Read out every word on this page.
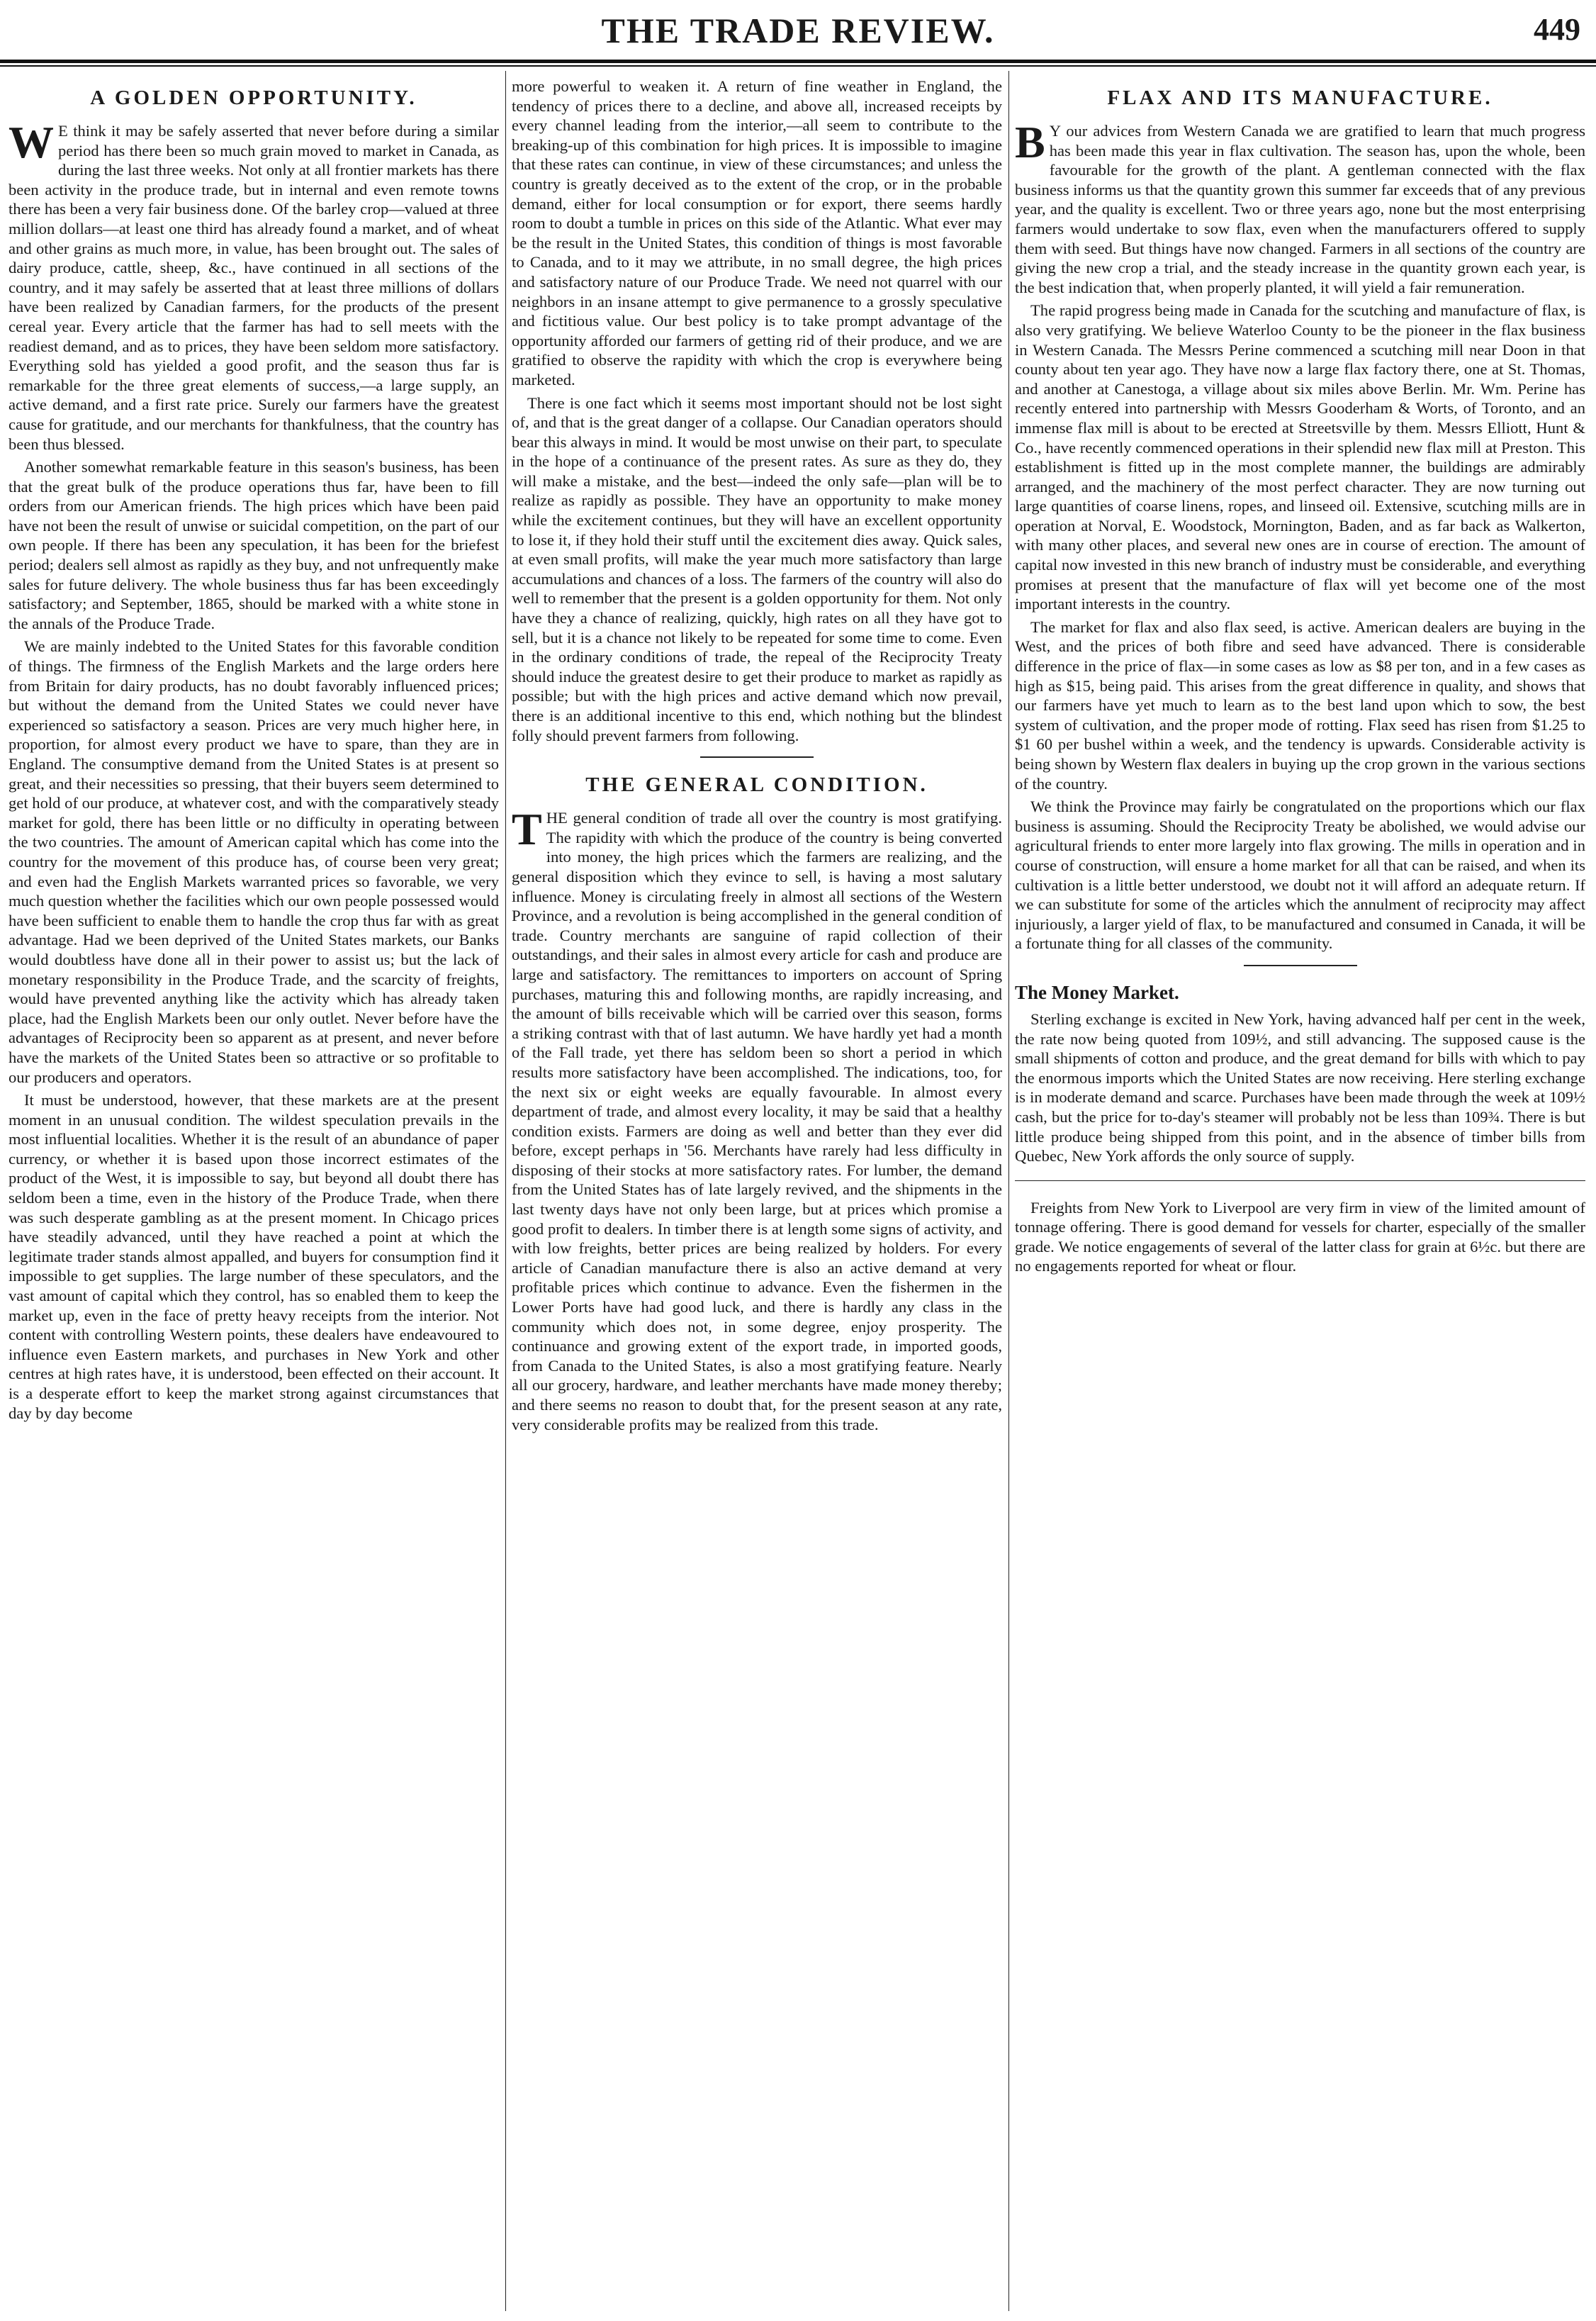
THE TRADE REVIEW.	449
A GOLDEN OPPORTUNITY.

WE think it may be safely asserted that never before during a similar period has there been so much grain moved to market in Canada, as during the last three weeks. Not only at all frontier markets has there been activity in the produce trade, but in internal and even remote towns there has been a very fair business done. Of the barley crop—valued at three million dollars—at least one third has already found a market, and of wheat and other grains as much more, in value, has been brought out. The sales of dairy produce, cattle, sheep, &c., have continued in all sections of the country, and it may safely be asserted that at least three millions of dollars have been realized by Canadian farmers, for the products of the present cereal year. Every article that the farmer has had to sell meets with the readiest demand, and as to prices, they have been seldom more satisfactory. Everything sold has yielded a good profit, and the season thus far is remarkable for the three great elements of success,—a large supply, an active demand, and a first rate price. Surely our farmers have the greatest cause for gratitude, and our merchants for thankfulness, that the country has been thus blessed.

Another somewhat remarkable feature in this season's business, has been that the great bulk of the produce operations thus far, have been to fill orders from our American friends. The high prices which have been paid have not been the result of unwise or suicidal competition, on the part of our own people. If there has been any speculation, it has been for the briefest period; dealers sell almost as rapidly as they buy, and not unfrequently make sales for future delivery. The whole business thus far has been exceedingly satisfactory; and September, 1865, should be marked with a white stone in the annals of the Produce Trade.

We are mainly indebted to the United States for this favorable condition of things. The firmness of the English Markets and the large orders here from Britain for dairy products, has no doubt favorably influenced prices; but without the demand from the United States we could never have experienced so satisfactory a season. Prices are very much higher here, in proportion, for almost every product we have to spare, than they are in England. The consumptive demand from the United States is at present so great, and their necessities so pressing, that their buyers seem determined to get hold of our produce, at whatever cost, and with the comparatively steady market for gold, there has been little or no difficulty in operating between the two countries. The amount of American capital which has come into the country for the movement of this produce has, of course been very great; and even had the English Markets warranted prices so favorable, we very much question whether the facilities which our own people possessed would have been sufficient to enable them to handle the crop thus far with as great advantage. Had we been deprived of the United States markets, our Banks would doubtless have done all in their power to assist us; but the lack of monetary responsibility in the Produce Trade, and the scarcity of freights, would have prevented anything like the activity which has already taken place, had the English Markets been our only outlet. Never before have the advantages of Reciprocity been so apparent as at present, and never before have the markets of the United States been so attractive or so profitable to our producers and operators.

It must be understood, however, that these markets are at the present moment in an unusual condition. The wildest speculation prevails in the most influential localities. Whether it is the result of an abundance of paper currency, or whether it is based upon those incorrect estimates of the product of the West, it is impossible to say, but beyond all doubt there has seldom been a time, even in the history of the Produce Trade, when there was such desperate gambling as at the present moment. In Chicago prices have steadily advanced, until they have reached a point at which the legitimate trader stands almost appalled, and buyers for consumption find it impossible to get supplies. The large number of these speculators, and the vast amount of capital which they control, has so enabled them to keep the market up, even in the face of pretty heavy receipts from the interior. Not content with controlling Western points, these dealers have endeavoured to influence even Eastern markets, and purchases in New York and other centres at high rates have, it is understood, been effected on their account. It is a desperate effort to keep the market strong against circumstances that day by day become

more powerful to weaken it. A return of fine weather in England, the tendency of prices there to a decline, and above all, increased receipts by every channel leading from the interior,—all seem to contribute to the breaking-up of this combination for high prices. It is impossible to imagine that these rates can continue, in view of these circumstances; and unless the country is greatly deceived as to the extent of the crop, or in the probable demand, either for local consumption or for export, there seems hardly room to doubt a tumble in prices on this side of the Atlantic. What ever may be the result in the United States, this condition of things is most favorable to Canada, and to it may we attribute, in no small degree, the high prices and satisfactory nature of our Produce Trade. We need not quarrel with our neighbors in an insane attempt to give permanence to a grossly speculative and fictitious value. Our best policy is to take prompt advantage of the opportunity afforded our farmers of getting rid of their produce, and we are gratified to observe the rapidity with which the crop is everywhere being marketed.

There is one fact which it seems most important should not be lost sight of, and that is the great danger of a collapse. Our Canadian operators should bear this always in mind. It would be most unwise on their part, to speculate in the hope of a continuance of the present rates. As sure as they do, they will make a mistake, and the best—indeed the only safe—plan will be to realize as rapidly as possible. They have an opportunity to make money while the excitement continues, but they will have an excellent opportunity to lose it, if they hold their stuff until the excitement dies away. Quick sales, at even small profits, will make the year much more satisfactory than large accumulations and chances of a loss. The farmers of the country will also do well to remember that the present is a golden opportunity for them. Not only have they a chance of realizing, quickly, high rates on all they have got to sell, but it is a chance not likely to be repeated for some time to come. Even in the ordinary conditions of trade, the repeal of the Reciprocity Treaty should induce the greatest desire to get their produce to market as rapidly as possible; but with the high prices and active demand which now prevail, there is an additional incentive to this end, which nothing but the blindest folly should prevent farmers from following.

THE GENERAL CONDITION.

THE general condition of trade all over the country is most gratifying. The rapidity with which the produce of the country is being converted into money, the high prices which the farmers are realizing, and the general disposition which they evince to sell, is having a most salutary influence. Money is circulating freely in almost all sections of the Western Province, and a revolution is being accomplished in the general condition of trade. Country merchants are sanguine of rapid collection of their outstandings, and their sales in almost every article for cash and produce are large and satisfactory. The remittances to importers on account of Spring purchases, maturing this and following months, are rapidly increasing, and the amount of bills receivable which will be carried over this season, forms a striking contrast with that of last autumn. We have hardly yet had a month of the Fall trade, yet there has seldom been so short a period in which results more satisfactory have been accomplished. The indications, too, for the next six or eight weeks are equally favourable. In almost every department of trade, and almost every locality, it may be said that a healthy condition exists. Farmers are doing as well and better than they ever did before, except perhaps in '56. Merchants have rarely had less difficulty in disposing of their stocks at more satisfactory rates. For lumber, the demand from the United States has of late largely revived, and the shipments in the last twenty days have not only been large, but at prices which promise a good profit to dealers. In timber there is at length some signs of activity, and with low freights, better prices are being realized by holders. For every article of Canadian manufacture there is also an active demand at very profitable prices which continue to advance. Even the fishermen in the Lower Ports have had good luck, and there is hardly any class in the community which does not, in some degree, enjoy prosperity. The continuance and growing extent of the export trade, in imported goods, from Canada to the United States, is also a most gratifying feature. Nearly all our grocery, hardware, and leather merchants have made money thereby; and there seems no reason to doubt that, for the present season at any rate, very considerable profits may be realized from this trade.

FLAX AND ITS MANUFACTURE.

BY our advices from Western Canada we are gratified to learn that much progress has been made this year in flax cultivation. The season has, upon the whole, been favourable for the growth of the plant. A gentleman connected with the flax business informs us that the quantity grown this summer far exceeds that of any previous year, and the quality is excellent. Two or three years ago, none but the most enterprising farmers would undertake to sow flax, even when the manufacturers offered to supply them with seed. But things have now changed. Farmers in all sections of the country are giving the new crop a trial, and the steady increase in the quantity grown each year, is the best indication that, when properly planted, it will yield a fair remuneration.

The rapid progress being made in Canada for the scutching and manufacture of flax, is also very gratifying. We believe Waterloo County to be the pioneer in the flax business in Western Canada. The Messrs Perine commenced a scutching mill near Doon in that county about ten year ago. They have now a large flax factory there, one at St. Thomas, and another at Canestoga, a village about six miles above Berlin. Mr. Wm. Perine has recently entered into partnership with Messrs Gooderham & Worts, of Toronto, and an immense flax mill is about to be erected at Streetsville by them. Messrs Elliott, Hunt & Co., have recently commenced operations in their splendid new flax mill at Preston. This establishment is fitted up in the most complete manner, the buildings are admirably arranged, and the machinery of the most perfect character. They are now turning out large quantities of coarse linens, ropes, and linseed oil. Extensive, scutching mills are in operation at Norval, E. Woodstock, Mornington, Baden, and as far back as Walkerton, with many other places, and several new ones are in course of erection. The amount of capital now invested in this new branch of industry must be considerable, and everything promises at present that the manufacture of flax will yet become one of the most important interests in the country.

The market for flax and also flax seed, is active. American dealers are buying in the West, and the prices of both fibre and seed have advanced. There is considerable difference in the price of flax—in some cases as low as $8 per ton, and in a few cases as high as $15, being paid. This arises from the great difference in quality, and shows that our farmers have yet much to learn as to the best land upon which to sow, the best system of cultivation, and the proper mode of rotting. Flax seed has risen from $1.25 to $1 60 per bushel within a week, and the tendency is upwards. Considerable activity is being shown by Western flax dealers in buying up the crop grown in the various sections of the country.

We think the Province may fairly be congratulated on the proportions which our flax business is assuming. Should the Reciprocity Treaty be abolished, we would advise our agricultural friends to enter more largely into flax growing. The mills in operation and in course of construction, will ensure a home market for all that can be raised, and when its cultivation is a little better understood, we doubt not it will afford an adequate return. If we can substitute for some of the articles which the annulment of reciprocity may affect injuriously, a larger yield of flax, to be manufactured and consumed in Canada, it will be a fortunate thing for all classes of the community.

The Money Market.

Sterling exchange is excited in New York, having advanced half per cent in the week, the rate now being quoted from 109½, and still advancing. The supposed cause is the small shipments of cotton and produce, and the great demand for bills with which to pay the enormous imports which the United States are now receiving. Here sterling exchange is in moderate demand and scarce. Purchases have been made through the week at 109½ cash, but the price for to-day's steamer will probably not be less than 109¾. There is but little produce being shipped from this point, and in the absence of timber bills from Quebec, New York affords the only source of supply.

Freights from New York to Liverpool are very firm in view of the limited amount of tonnage offering. There is good demand for vessels for charter, especially of the smaller grade. We notice engagements of several of the latter class for grain at 6½c. but there are no engagements reported for wheat or flour.
